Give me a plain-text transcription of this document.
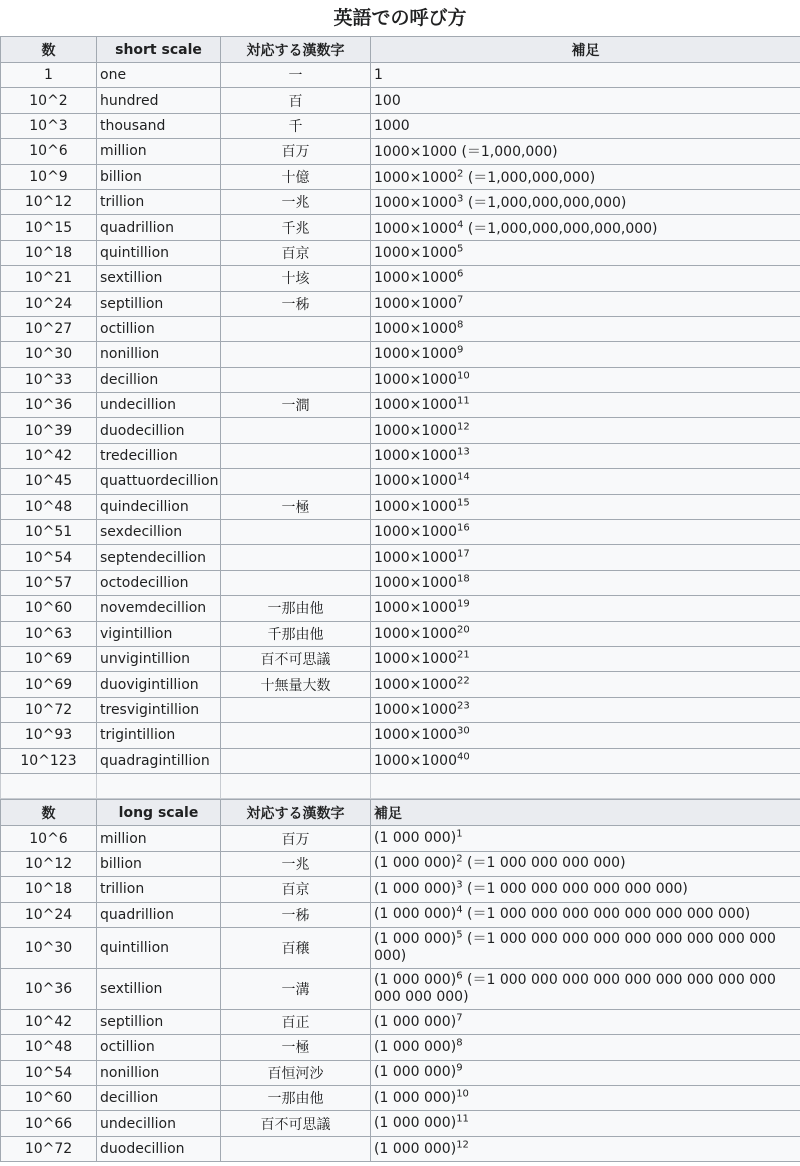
英語での呼び方
数	short scale	対応する漢数字	補足
1	one	一	1
10^2	hundred	百	100
10^3	thousand	千	1000
10^6	million	百万	1000×1000 (＝1,000,000)
10^9	billion	十億	$1000\times 1000^2$ (＝1,000,000,000)
10^12	trillion	一兆	$1000\times 1000^3$ (＝1,000,000,000,000)
10^15	quadrillion	千兆	$1000\times 1000^4$ (＝1,000,000,000,000,000)
10^18	quintillion	百京	$1000\times 1000^5$
10^21	sextillion	十垓	$1000\times 1000^6$
10^24	septillion	一秭	$1000\times 1000^7$
10^27	octillion		$1000\times 1000^8$
10^30	nonillion		$1000\times 1000^9$
10^33	decillion		$1000\times 1000^{10}$
10^36	undecillion	一澗	$1000\times 1000^{11}$
10^39	duodecillion		$1000\times 1000^{12}$
10^42	tredecillion		$1000\times 1000^{13}$
10^45	quattuordecillion		$1000\times 1000^{14}$
10^48	quindecillion	一極	$1000\times 1000^{15}$
10^51	sexdecillion		$1000\times 1000^{16}$
10^54	septendecillion		$1000\times 1000^{17}$
10^57	octodecillion		$1000\times 1000^{18}$
10^60	novemdecillion	一那由他	$1000\times 1000^{19}$
10^63	vigintillion	千那由他	$1000\times 1000^{20}$
10^69	unvigintillion	百不可思議	$1000\times 1000^{21}$
10^69	duovigintillion	十無量大数	$1000\times 1000^{22}$
10^72	tresvigintillion		$1000\times 1000^{23}$
10^93	trigintillion		$1000\times 1000^{30}$
10^123	quadragintillion		$1000\times 1000^{40}$

数	long scale	対応する漢数字	補足
10^6	million	百万	(1 000 000)$^1$
10^12	billion	一兆	(1 000 000)$^2$ (＝1 000 000 000 000)
10^18	trillion	百京	(1 000 000)$^3$ (＝1 000 000 000 000 000 000)
10^24	quadrillion	一秭	(1 000 000)$^4$ (＝1 000 000 000 000 000 000 000 000)
10^30	quintillion	百穣	(1 000 000)$^5$ (＝1 000 000 000 000 000 000 000 000 000 000)
10^36	sextillion	一溝	(1 000 000)$^6$ (＝1 000 000 000 000 000 000 000 000 000 000 000 000)
10^42	septillion	百正	(1 000 000)$^7$
10^48	octillion	一極	(1 000 000)$^8$
10^54	nonillion	百恒河沙	(1 000 000)$^9$
10^60	decillion	一那由他	(1 000 000)$^{10}$
10^66	undecillion	百不可思議	(1 000 000)$^{11}$
10^72	duodecillion		(1 000 000)$^{12}$
